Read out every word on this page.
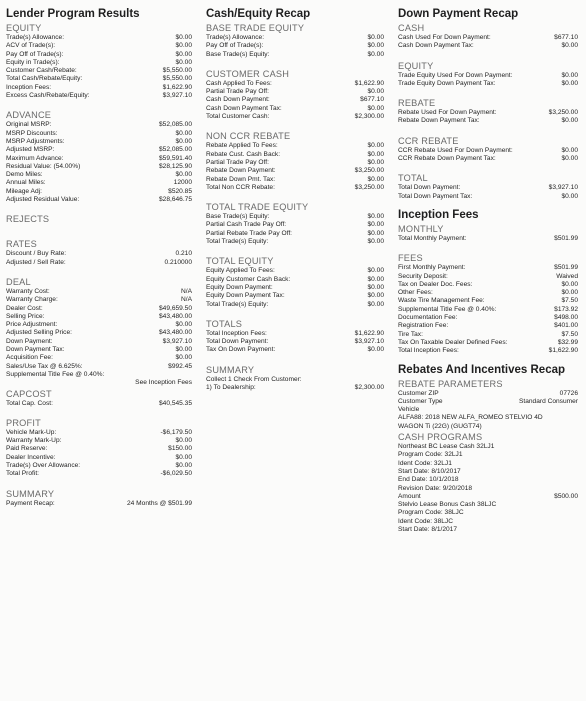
Lender Program Results
EQUITY
Trade(s) Allowance:	$0.00
ACV of Trade(s):	$0.00
Pay Off of Trade(s):	$0.00
Equity in Trade(s):	$0.00
Customer Cash/Rebate:	$5,550.00
Total Cash/Rebate/Equity:	$5,550.00
Inception Fees:	$1,622.90
Excess Cash/Rebate/Equity:	$3,927.10
ADVANCE
Original MSRP:	$52,085.00
MSRP Discounts:	$0.00
MSRP Adjustments:	$0.00
Adjusted MSRP:	$52,085.00
Maximum Advance:	$59,591.40
Residual Value: (54.00%)	$28,125.90
Demo Miles:	$0.00
Annual Miles:	12000
Mileage Adj:	$520.85
Adjusted Residual Value:	$28,646.75
REJECTS
RATES
Discount / Buy Rate:	0.210
Adjusted / Sell Rate:	0.210000
DEAL
Warranty Cost:	N/A
Warranty Charge:	N/A
Dealer Cost:	$49,659.50
Selling Price:	$43,480.00
Price Adjustment:	$0.00
Adjusted Selling Price:	$43,480.00
Down Payment:	$3,927.10
Down Payment Tax:	$0.00
Acquisition Fee:	$0.00
Sales/Use Tax @ 6.625%:	$992.45
Supplemental Title Fee @ 0.40%:
See Inception Fees
CAPCOST
Total Cap. Cost:	$40,545.35
PROFIT
Vehicle Mark-Up:	-$6,179.50
Warranty Mark-Up:	$0.00
Paid Reserve:	$150.00
Dealer Incentive:	$0.00
Trade(s) Over Allowance:	$0.00
Total Profit:	-$6,029.50
SUMMARY
Payment Recap:	24 Months @ $501.99
Cash/Equity Recap
BASE TRADE EQUITY
Trade(s) Allowance:	$0.00
Pay Off of Trade(s):	$0.00
Base Trade(s) Equity:	$0.00
CUSTOMER CASH
Cash Applied To Fees:	$1,622.90
Partial Trade Pay Off:	$0.00
Cash Down Payment:	$677.10
Cash Down Payment Tax:	$0.00
Total Customer Cash:	$2,300.00
NON CCR REBATE
Rebate Applied To Fees:	$0.00
Rebate Cust. Cash Back:	$0.00
Partial Trade Pay Off:	$0.00
Rebate Down Payment:	$3,250.00
Rebate Down Pmt. Tax:	$0.00
Total Non CCR Rebate:	$3,250.00
TOTAL TRADE EQUITY
Base Trade(s) Equity:	$0.00
Partial Cash Trade Pay Off:	$0.00
Partial Rebate Trade Pay Off:	$0.00
Total Trade(s) Equity:	$0.00
TOTAL EQUITY
Equity Applied To Fees:	$0.00
Equity Customer Cash Back:	$0.00
Equity Down Payment:	$0.00
Equity Down Payment Tax:	$0.00
Total Trade(s) Equity:	$0.00
TOTALS
Total Inception Fees:	$1,622.90
Total Down Payment:	$3,927.10
Tax On Down Payment:	$0.00
SUMMARY
Collect 1 Check From Customer:
1) To Dealership:	$2,300.00
Down Payment Recap
CASH
Cash Used For Down Payment:	$677.10
Cash Down Payment Tax:	$0.00
EQUITY
Trade Equity Used For Down Payment:	$0.00
Trade Equity Down Payment Tax:	$0.00
REBATE
Rebate Used For Down Payment:	$3,250.00
Rebate Down Payment Tax:	$0.00
CCR REBATE
CCR Rebate Used For Down Payment:	$0.00
CCR Rebate Down Payment Tax:	$0.00
TOTAL
Total Down Payment:	$3,927.10
Total Down Payment Tax:	$0.00
Inception Fees
MONTHLY
Total Monthly Payment:	$501.99
FEES
First Monthly Payment:	$501.99
Security Deposit:	Waived
Tax on Dealer Doc. Fees:	$0.00
Other Fees:	$0.00
Waste Tire Management Fee:	$7.50
Supplemental Title Fee @ 0.40%:	$173.92
Documentation Fee:	$498.00
Registration Fee:	$401.00
Tire Tax:	$7.50
Tax On Taxable Dealer Defined Fees:	$32.99
Total Inception Fees:	$1,622.90
Rebates And Incentives Recap
REBATE PARAMETERS
Customer ZIP	07726
Customer Type	Standard Consumer
Vehicle
ALFA88: 2018 NEW ALFA_ROMEO STELVIO 4D WAGON Ti (22G) (GUGT74)
CASH PROGRAMS
Northeast BC Lease Cash 32LJ1
Program Code: 32LJ1
Ident Code: 32LJ1
Start Date: 8/10/2017
End Date: 10/1/2018
Revision Date: 9/20/2018
Amount	$500.00
Stelvio Lease Bonus Cash 38LJC
Program Code: 38LJC
Ident Code: 38LJC
Start Date: 8/1/2017
